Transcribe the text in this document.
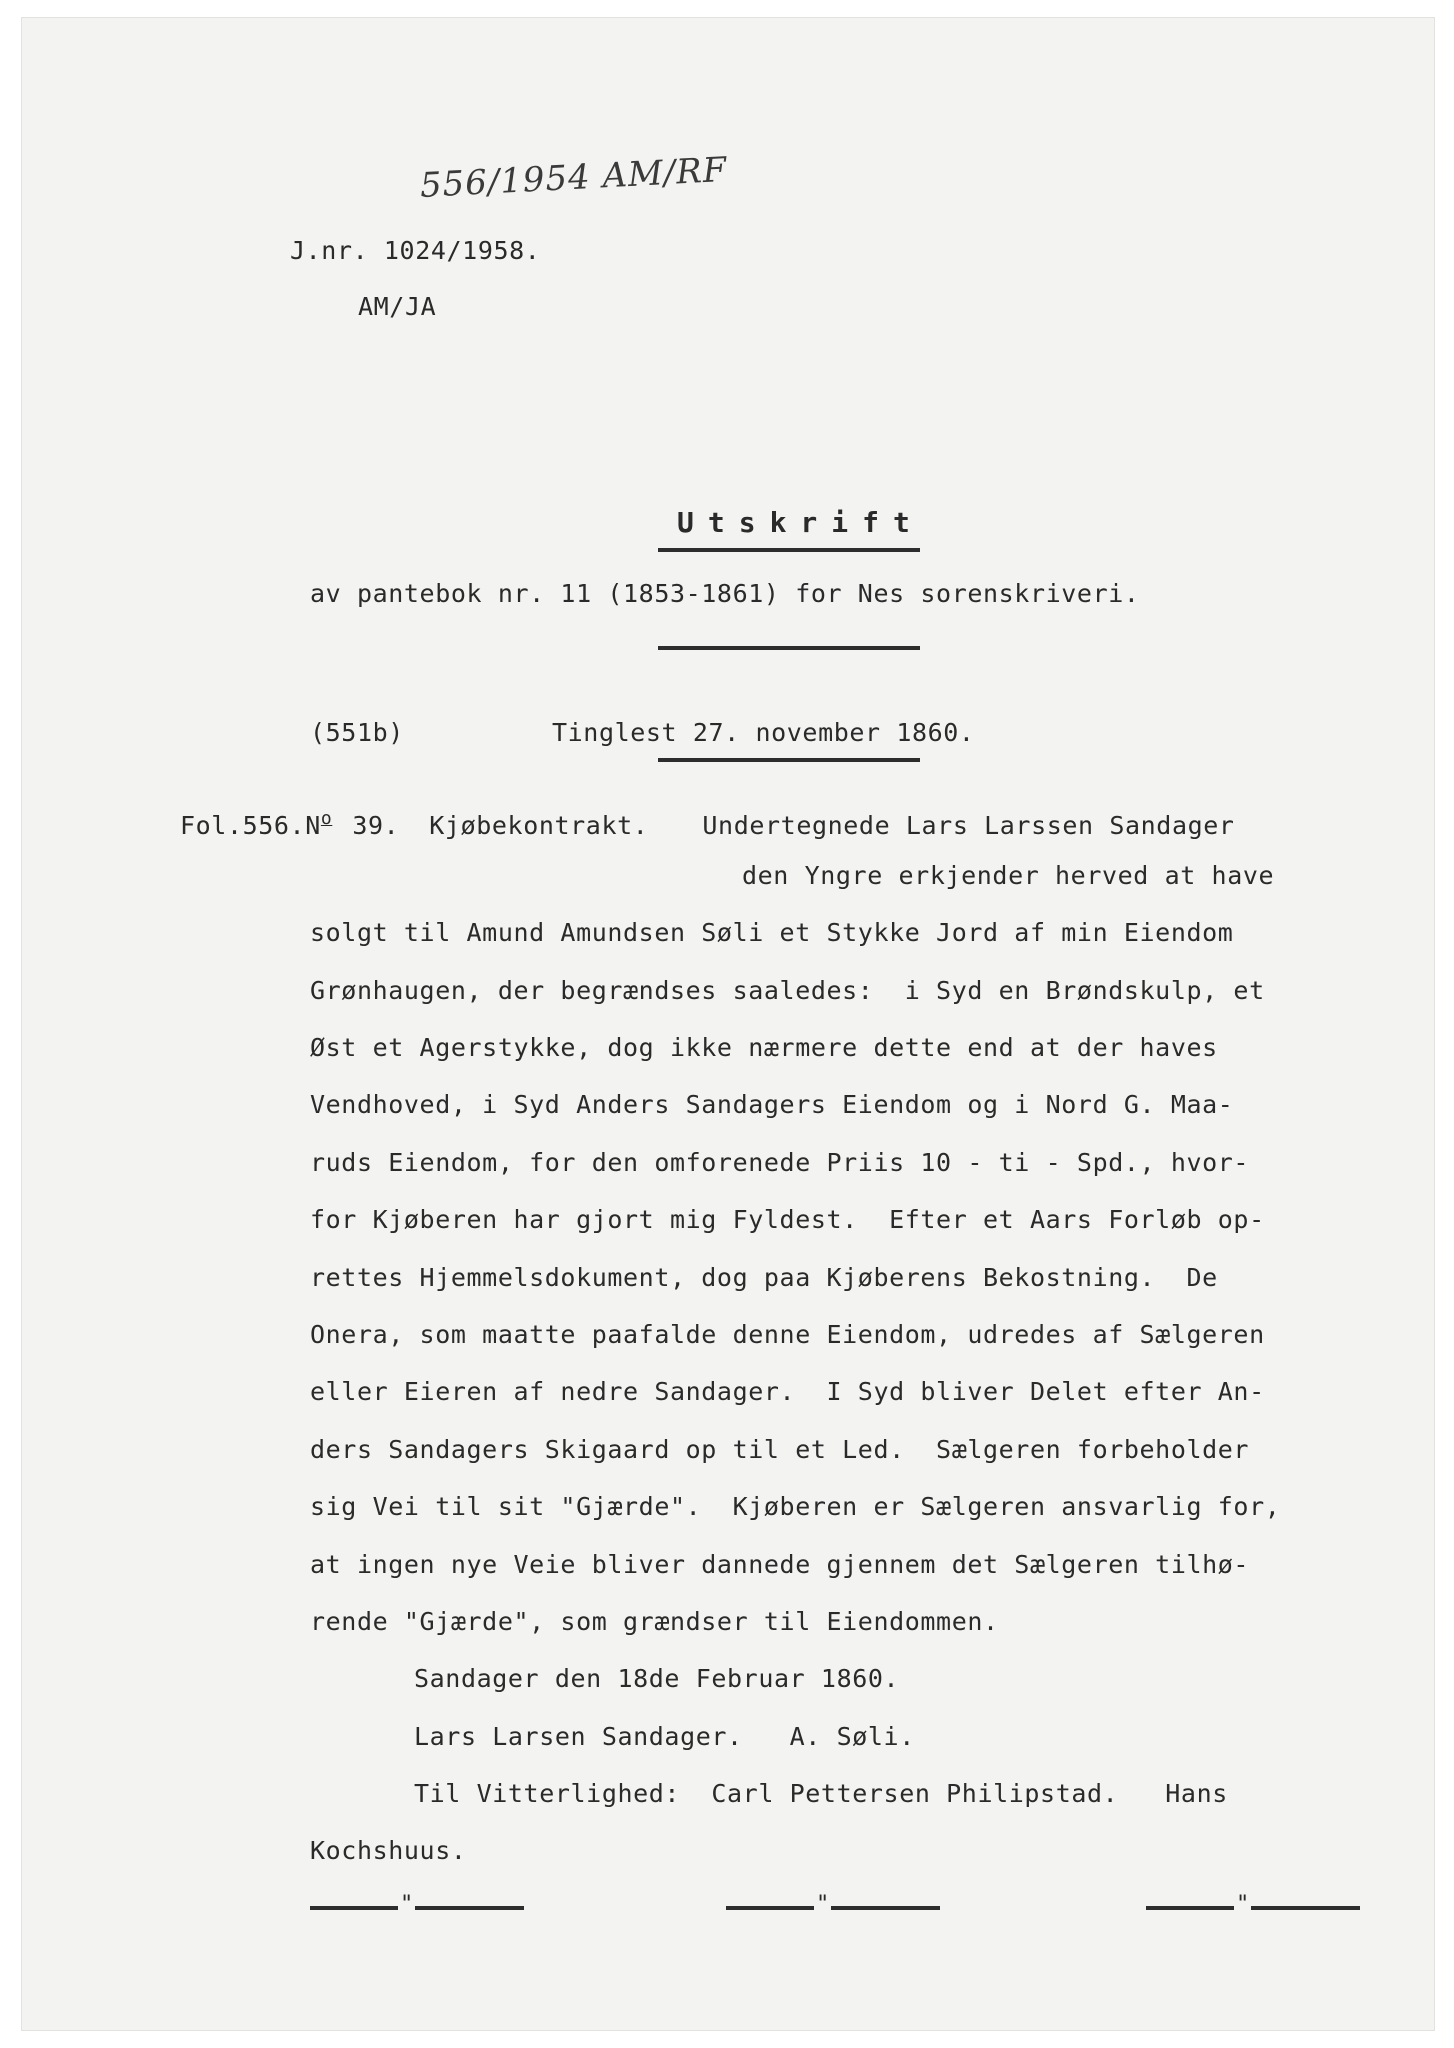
556/1954 AM/RF
J.nr. 1024/1958.
AM/JA
Utskrift
av pantebok nr. 11 (1853-1861) for Nes sorenskriveri.
(551b)	Tinglest 27. november 1860.
$Fol.556.N^o$ 39. Kjøbekontrakt. Undertegnede Lars Larssen Sandager
den Yngre erkjender herved at have
solgt til Amund Amundsen Søli et Stykke Jord af min Eiendom
Grønhaugen, der begrændses saaledes:  i Syd en Brøndskulp, et
Øst et Agerstykke, dog ikke nærmere dette end at der haves
Vendhoved, i Syd Anders Sandagers Eiendom og i Nord G. Maa-
ruds Eiendom, for den omforenede Priis 10 - ti - Spd., hvor-
for Kjøberen har gjort mig Fyldest.  Efter et Aars Forløb op-
rettes Hjemmelsdokument, dog paa Kjøberens Bekostning.  De
Onera, som maatte paafalde denne Eiendom, udredes af Sælgeren
eller Eieren af nedre Sandager.  I Syd bliver Delet efter An-
ders Sandagers Skigaard op til et Led.  Sælgeren forbeholder
sig Vei til sit "Gjærde".  Kjøberen er Sælgeren ansvarlig for,
at ingen nye Veie bliver dannede gjennem det Sælgeren tilhø-
rende "Gjærde", som grændser til Eiendommen.
Sandager den 18de Februar 1860.
Lars Larsen Sandager.   A. Søli.
Til Vitterlighed:  Carl Pettersen Philipstad.   Hans
Kochshuus.
"	"	"
